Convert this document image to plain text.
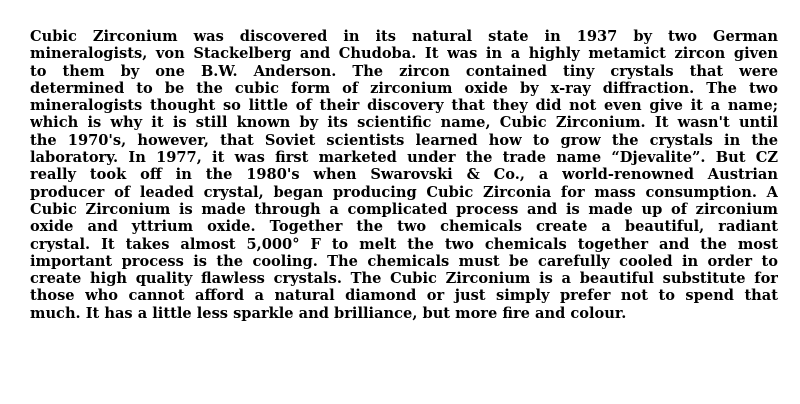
Cubic Zirconium was discovered in its natural state in 1937 by two German
mineralogists, von Stackelberg and Chudoba. It was in a highly metamict zircon given
to them by one B.W. Anderson. The zircon contained tiny crystals that were
determined to be the cubic form of zirconium oxide by x-ray diffraction. The two
mineralogists thought so little of their discovery that they did not even give it a name;
which is why it is still known by its scientific name, Cubic Zirconium. It wasn't until
the 1970's, however, that Soviet scientists learned how to grow the crystals in the
laboratory. In 1977, it was first marketed under the trade name “Djevalite”. But CZ
really took off in the 1980's when Swarovski & Co., a world-renowned Austrian
producer of leaded crystal, began producing Cubic Zirconia for mass consumption. A
Cubic Zirconium is made through a complicated process and is made up of zirconium
oxide and yttrium oxide. Together the two chemicals create a beautiful, radiant
crystal. It takes almost 5,000° F to melt the two chemicals together and the most
important process is the cooling. The chemicals must be carefully cooled in order to
create high quality flawless crystals. The Cubic Zirconium is a beautiful substitute for
those who cannot afford a natural diamond or just simply prefer not to spend that
much. It has a little less sparkle and brilliance, but more fire and colour.
